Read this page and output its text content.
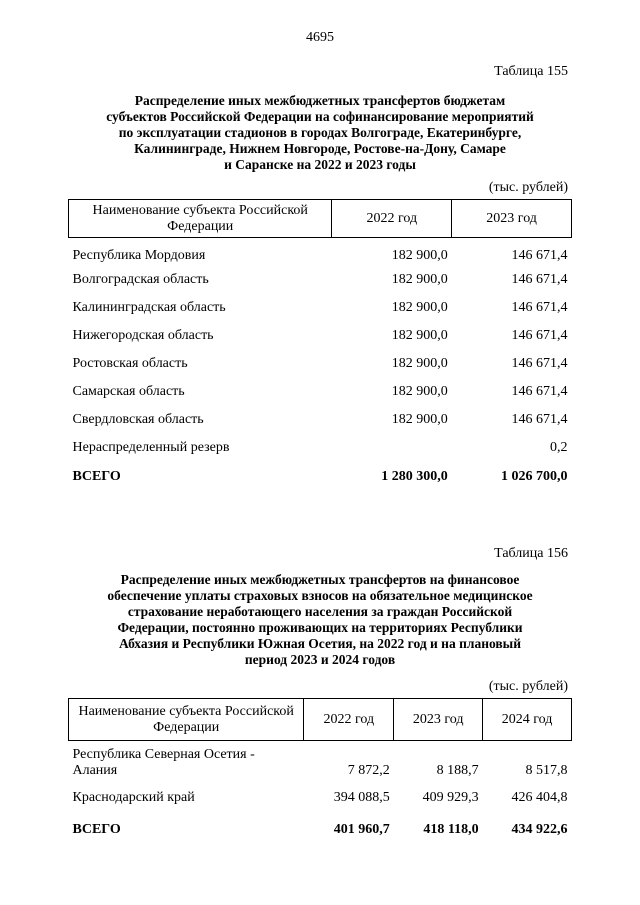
4695
Таблица 155
Распределение иных межбюджетных трансфертов бюджетам
субъектов Российской Федерации на софинансирование мероприятий
по эксплуатации стадионов в городах Волгограде, Екатеринбурге,
Калининграде, Нижнем Новгороде, Ростове-на-Дону, Самаре
и Саранске на 2022 и 2023 годы
(тыс. рублей)
Наименование субъекта Российской Федерации	2022 год	2023 год
Республика Мордовия	182 900,0	146 671,4
Волгоградская область	182 900,0	146 671,4
Калининградская область	182 900,0	146 671,4
Нижегородская область	182 900,0	146 671,4
Ростовская область	182 900,0	146 671,4
Самарская область	182 900,0	146 671,4
Свердловская область	182 900,0	146 671,4
Нераспределенный резерв		0,2
ВСЕГО	1 280 300,0	1 026 700,0
Таблица 156
Распределение иных межбюджетных трансфертов на финансовое
обеспечение уплаты страховых взносов на обязательное медицинское
страхование неработающего населения за граждан Российской
Федерации, постоянно проживающих на территориях Республики
Абхазия и Республики Южная Осетия, на 2022 год и на плановый
период 2023 и 2024 годов
(тыс. рублей)
Наименование субъекта Российской Федерации	2022 год	2023 год	2024 год
Республика Северная Осетия - Алания	7 872,2	8 188,7	8 517,8
Краснодарский край	394 088,5	409 929,3	426 404,8
ВСЕГО	401 960,7	418 118,0	434 922,6
